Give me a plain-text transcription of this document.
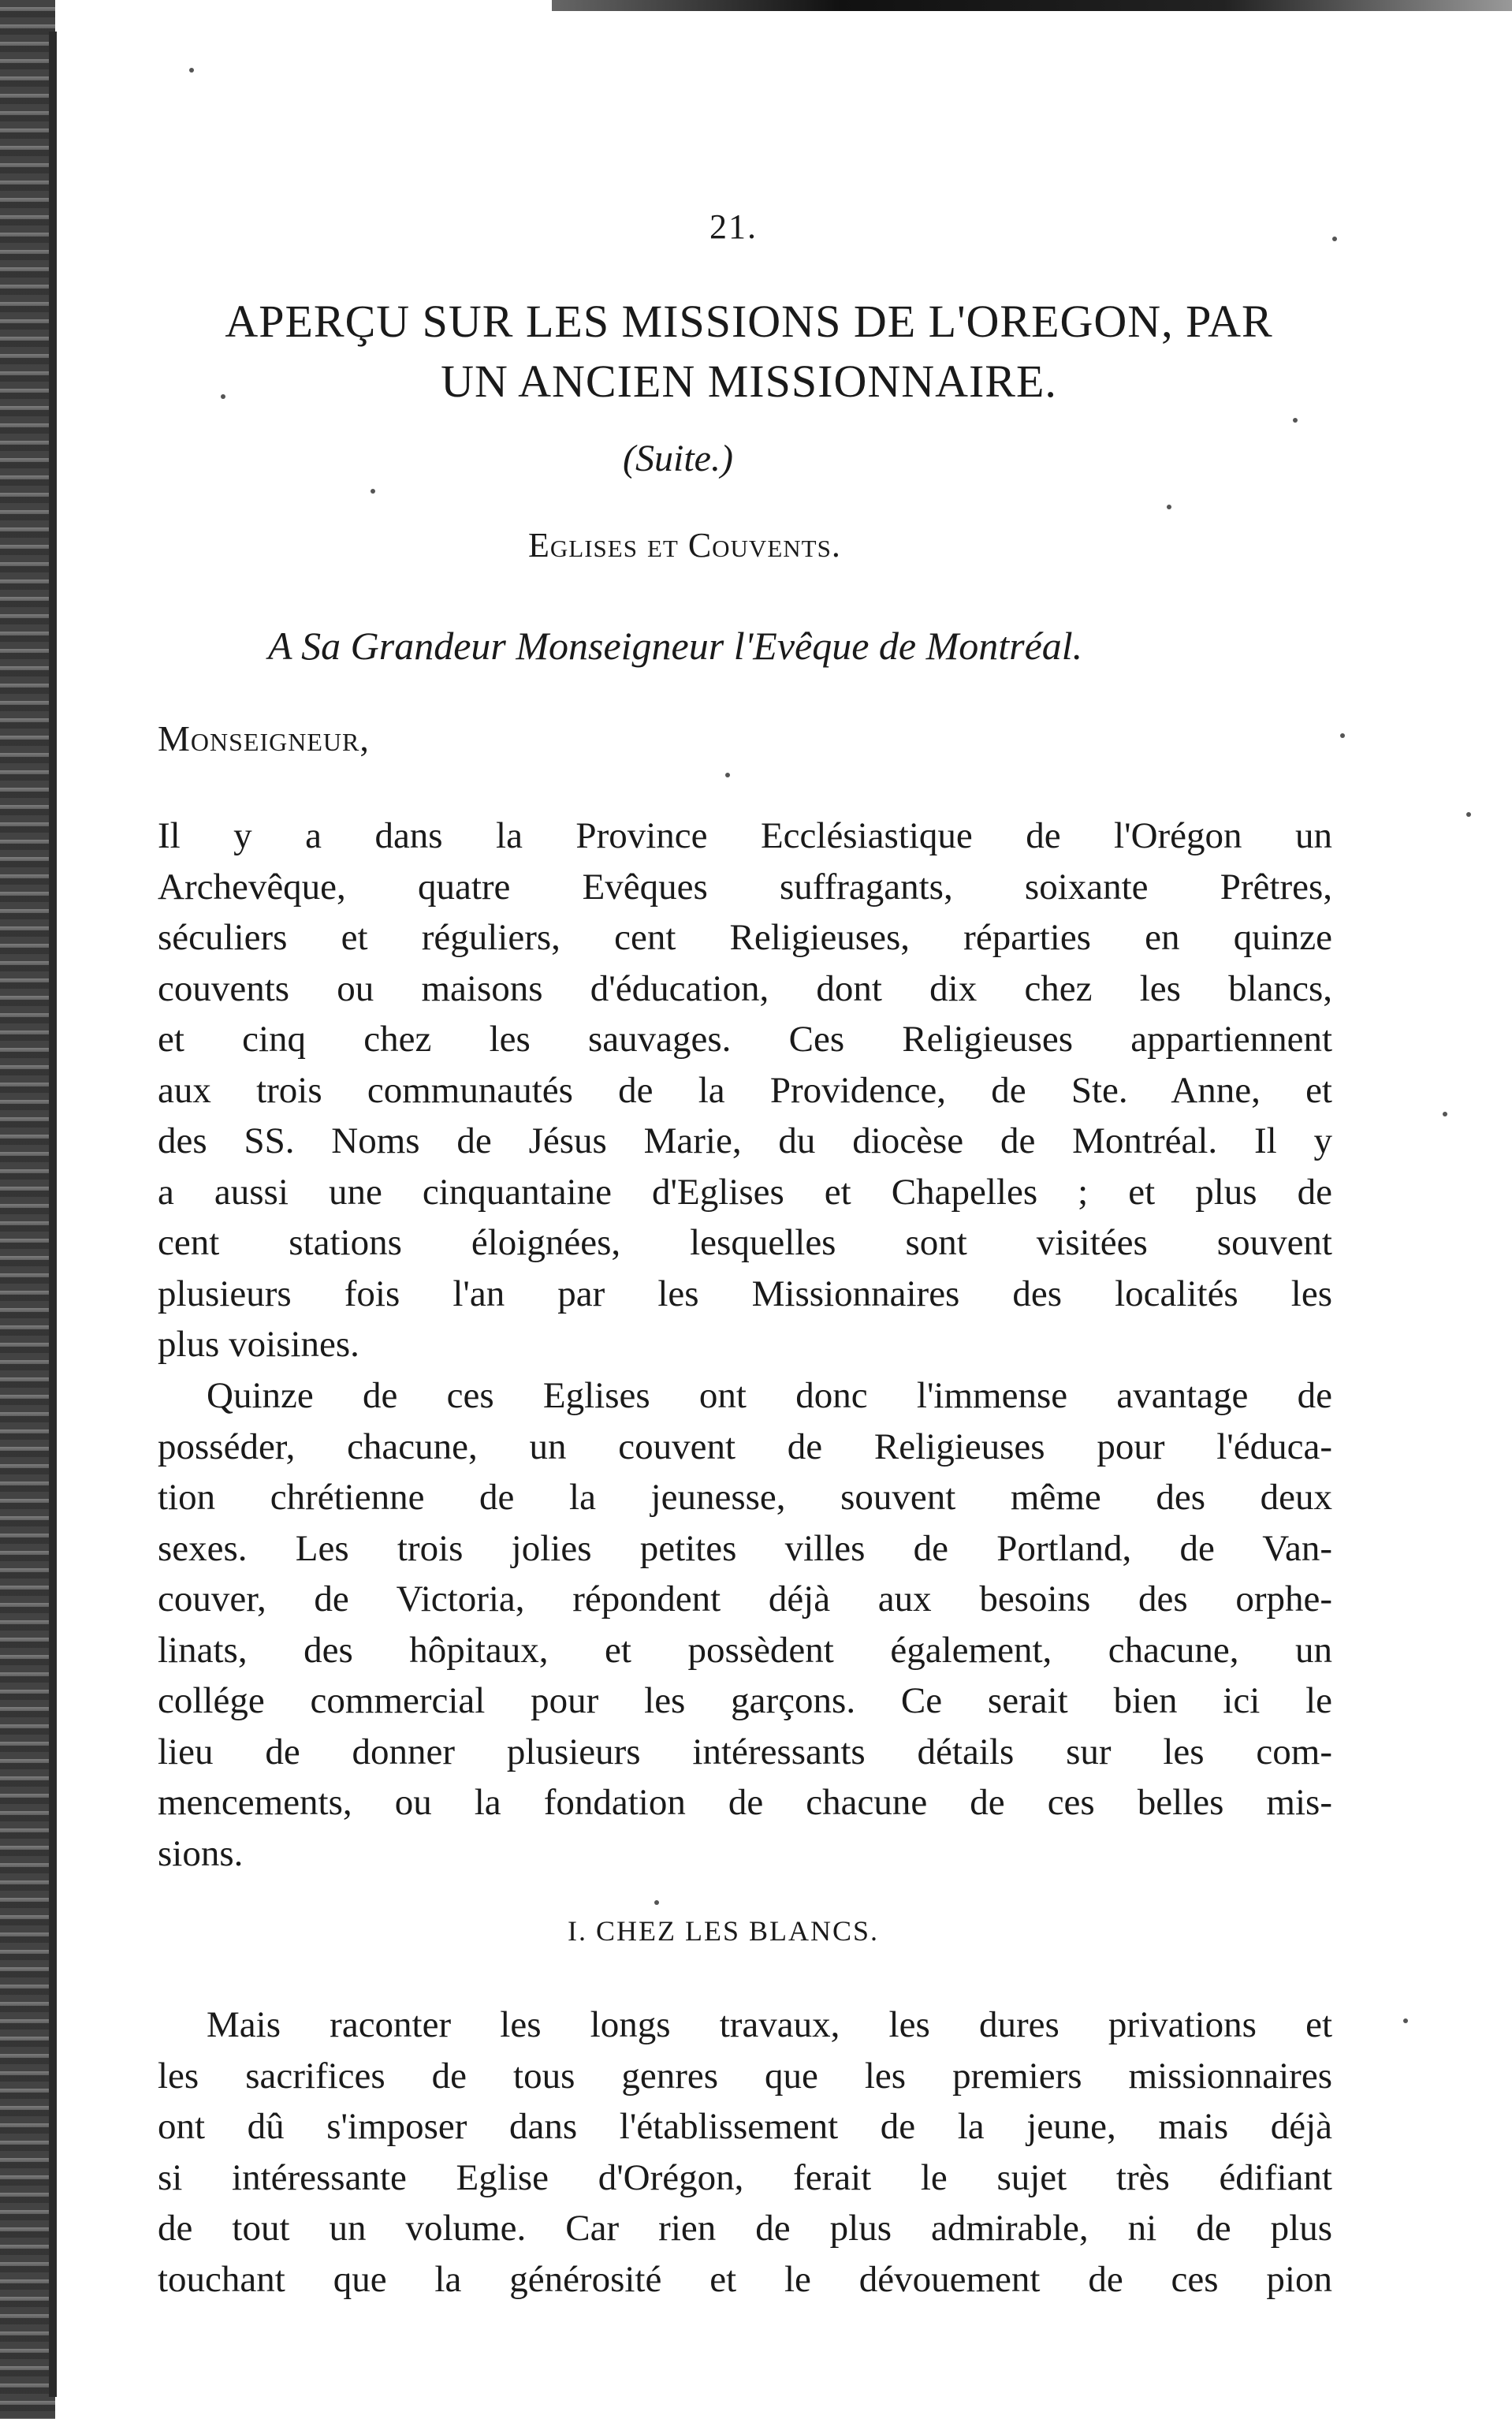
21.
APERÇU SUR LES MISSIONS DE L'OREGON, PAR
UN ANCIEN MISSIONNAIRE.
(Suite.)
Eglises et Couvents.
A Sa Grandeur Monseigneur l'Evêque de Montréal.
Monseigneur,
Il y a dans la Province Ecclésiastique de l'Orégon un
Archevêque, quatre Evêques suffragants, soixante Prêtres,
séculiers et réguliers, cent Religieuses, réparties en quinze
couvents ou maisons d'éducation, dont dix chez les blancs,
et cinq chez les sauvages. Ces Religieuses appartiennent
aux trois communautés de la Providence, de Ste. Anne, et
des SS. Noms de Jésus Marie, du diocèse de Montréal. Il y
a aussi une cinquantaine d'Eglises et Chapelles ; et plus de
cent stations éloignées, lesquelles sont visitées souvent
plusieurs fois l'an par les Missionnaires des localités les
plus voisines.
Quinze de ces Eglises ont donc l'immense avantage de
posséder, chacune, un couvent de Religieuses pour l'éduca-
tion chrétienne de la jeunesse, souvent même des deux
sexes. Les trois jolies petites villes de Portland, de Van-
couver, de Victoria, répondent déjà aux besoins des orphe-
linats, des hôpitaux, et possèdent également, chacune, un
collége commercial pour les garçons. Ce serait bien ici le
lieu de donner plusieurs intéressants détails sur les com-
mencements, ou la fondation de chacune de ces belles mis-
sions.
I. CHEZ LES BLANCS.
Mais raconter les longs travaux, les dures privations et
les sacrifices de tous genres que les premiers missionnaires
ont dû s'imposer dans l'établissement de la jeune, mais déjà
si intéressante Eglise d'Orégon, ferait le sujet très édifiant
de tout un volume. Car rien de plus admirable, ni de plus
touchant que la générosité et le dévouement de ces pion
